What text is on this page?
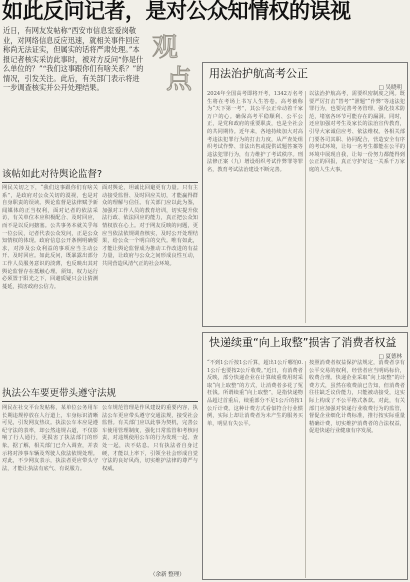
如此反问记者，是对公众知情权的误视
近日，有网友发帖称“西安市信息室爱岗敬业，对网络信息反应迅速，就相关事件回应称尚无法证实，但属实的话将严肃处理。”本报记者核实采访此事时，被对方反问“你是什么单位的？”“我们这事跟你们有啥关系？”的情况，引发关注。此后，有关部门表示将进一步调查核实并公开处理结果。
观
点
该帖如此对待舆论监督?
网民关切之下，“我们这事跟你们有啥关系”，是政府对公众关切的漠视，也是对自身职责的误读。舆论监督是法律赋予新闻媒体的正当权利，面对记者的依法采访，有关单位本应积极配合、及时回应，而不是以反问搪塞。公共事务本就关乎每一位公民，记者代表公众发问，正是公众知情权的体现。政府信息公开条例明确要求，对涉及公众利益的事项应当主动公开、及时回应。如此反问，既暴露出部分工作人员服务意识的淡薄，也反映出其对舆论监督存在抵触心理。须知，权力运行必须置于阳光之下，回避质疑只会让猜测蔓延，损害政府公信力。
面对舆论，坦诚比回避更有力量。只有主动接受监督、及时回应关切，才能赢得群众的理解与信任。有关部门应以此为鉴，加强对工作人员的教育培训，切实提升依法行政、依法回应的能力，真正把公众知情权放在心上。对于网友反映的问题，更应当依法依规调查核实，及时公开处理结果，给公众一个明白的交代。唯有如此，才能让舆论监督成为推动工作改进的有益力量，让政府与公众之间形成良性互动，共同营造风清气正的社会环境。
执法公车要更带头遵守法规
网民在社交平台发帖称，某单位公务用车长期违规停放在人行道上，车身标识清晰可见，引发网友热议。执法公车本应是遵纪守法的表率，却公然违规占道，不仅影响了行人通行，更损害了执法部门的形象。据了解，相关部门已介入调查，并表示将对涉事车辆及驾驶人依法依规处理。对此，不少网友表示，执法者更应带头守法，才能让执法有底气、有说服力。
公车规范管理是作风建设的重要内容，执法公车更应带头遵守交通法规，接受社会监督。有关部门应以此事为契机，完善公车使用管理制度，强化日常监管和考核问责，对违规使用公车的行为发现一起、查处一起，决不姑息。只有执法者自身过硬，才能以上率下，引领全社会形成自觉守法的良好风尚，切实维护法律的尊严与权威。
（余新 整理）
用法治护航高考公正
□ 吴晓明
2024年全国高考即将开考，1342万名考生将在考场上书写人生答卷。高考被称为“天下第一考”，其公平公正牵动着千家万户的心。确保高考平稳顺利、公平公正，是党和政府的重要职责，也是全社会的共同期待。近年来，各地持续加大对高考违法犯罪行为的打击力度，从严查处组织考试作弊、非法出售或提供试题答案等违法犯罪行为，有力维护了考试秩序。刑法修正案（九）增设组织考试作弊罪等罪名，教育考试法治建设不断完善。
以法治护航高考，需要织密制度之网。既要严厉打击“替考”“泄题”“作弊”等违法犯罪行为，也要完善考务管理、强化技术防范，堵塞各环节可能存在的漏洞。同时，还应加强对考生及家长的法治宣传教育，引导大家诚信应考、依法维权。各相关部门要各司其职、协同配合，营造安全有序的考试环境，让每一名考生都能在公平的环境中展现自我，让每一份努力都能得到公正的回报，真正守护好这一关系千万家庭的人生大事。
快递续重“向上取整”损害了消费者权益
□ 夏德林
“不到1公斤按1公斤算，超出1公斤哪怕0.1公斤也要按2公斤收费。”近日，有消费者反映，部分快递企业在计算续重费用时采取“向上取整”的方式，让消费者多花了冤枉钱。所谓续重“向上取整”，是指快递物品超过首重后，续重部分不足1公斤的按1公斤计费。这种计费方式看似符合行业惯例，实际上却让消费者为未产生的服务买单，明显有失公平。
按照消费者权益保护法规定，消费者享有公平交易的权利，经营者应当明码标价，收费合理。快递企业采取“向上取整”的计费方式，虽然在收费前已告知，但消费者往往缺乏议价能力，只能被动接受，这实际上构成了不公平格式条款。对此，有关部门应加强对快递行业收费行为的监管，督促企业细化计费标准，推行按实际重量精确计费，切实维护消费者的合法权益，促进快递行业健康有序发展。
